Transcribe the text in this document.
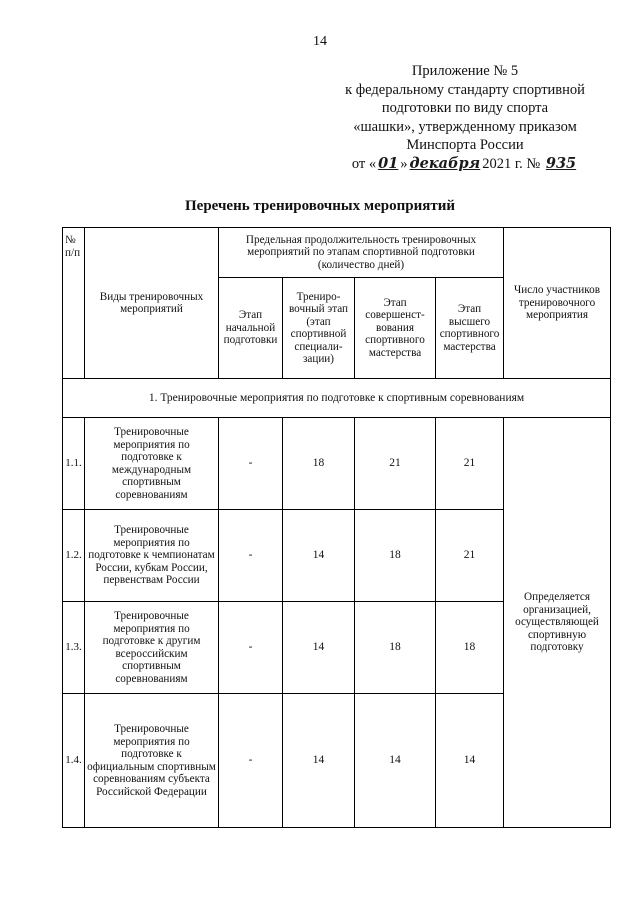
14
Приложение № 5
к федеральному стандарту спортивной
подготовки по виду спорта
«шашки», утвержденному приказом
Минспорта России
от « 01 » декабря 2021 г. № 935
Перечень тренировочных мероприятий
№ п/п	Виды тренировочных мероприятий	Предельная продолжительность тренировочных мероприятий по этапам спортивной подготовки (количество дней)				Число участников тренировочного мероприятия
		Этап начальной подготовки	Трениро-вочный этап (этап спортивной специали-зации)	Этап совершенст-вования спортивного мастерства	Этап высшего спортивного мастерства	
1. Тренировочные мероприятия по подготовке к спортивным соревнованиям						
1.1.	Тренировочные мероприятия по подготовке к международным спортивным соревнованиям	-	18	21	21	Определяется организацией, осуществляющей спортивную подготовку
1.2.	Тренировочные мероприятия по подготовке к чемпионатам России, кубкам России, первенствам России	-	14	18	21	
1.3.	Тренировочные мероприятия по подготовке к другим всероссийским спортивным соревнованиям	-	14	18	18	
1.4.	Тренировочные мероприятия по подготовке к официальным спортивным соревнованиям субъекта Российской Федерации	-	14	14	14	
